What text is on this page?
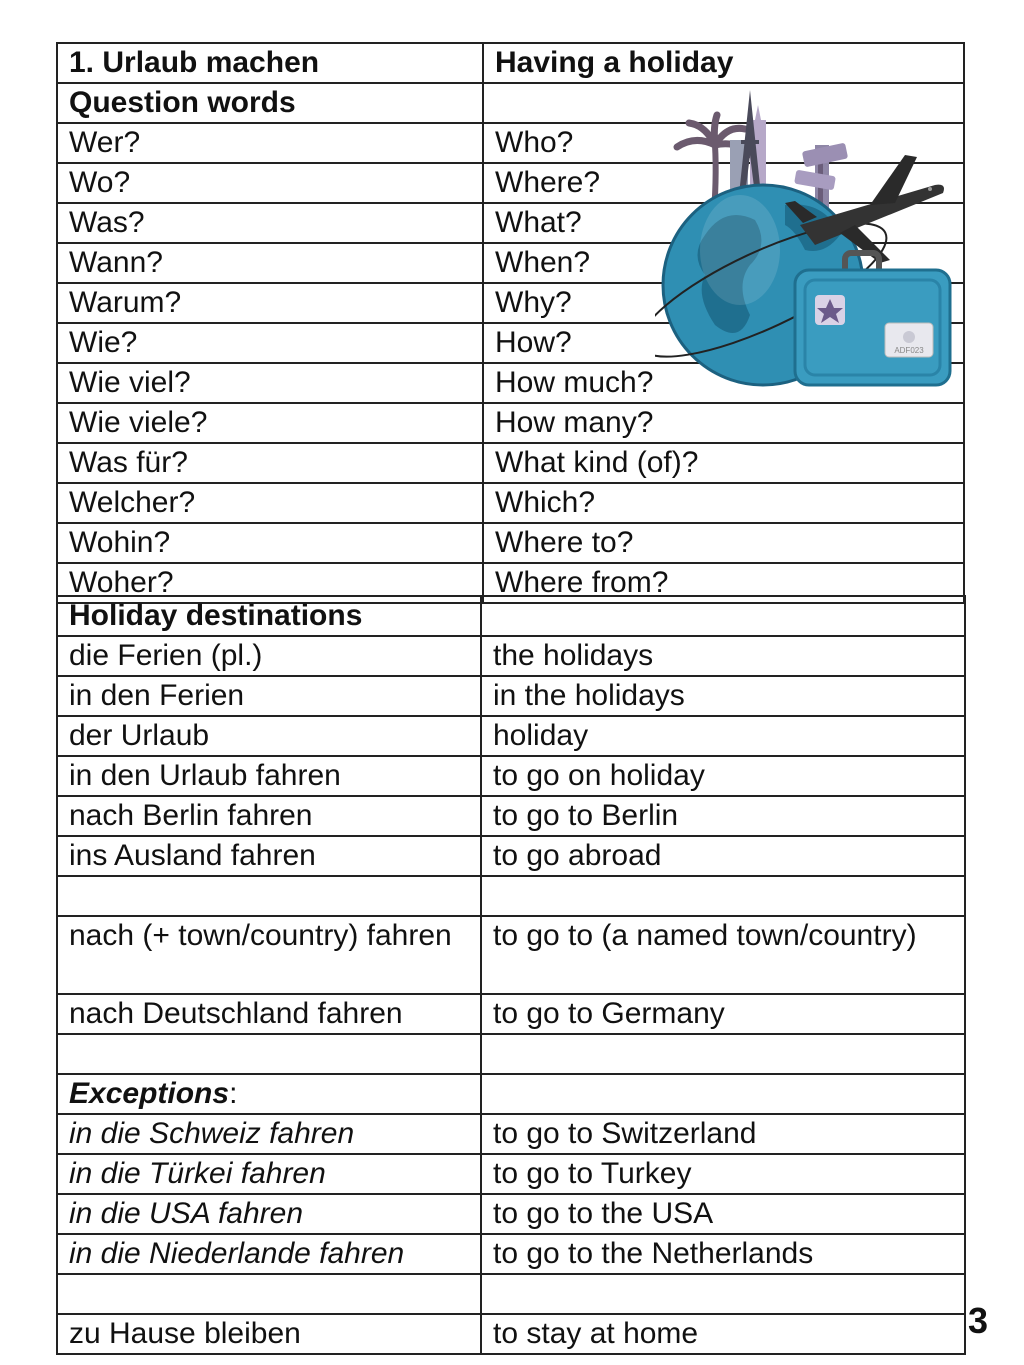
1. Urlaub machen	Having a holiday
Question words	
Wer?	Who?
Wo?	Where?
Was?	What?
Wann?	When?
Warum?	Why?
Wie?	How?
Wie viel?	How much?
Wie viele?	How many?
Was für?	What kind (of)?
Welcher?	Which?
Wohin?	Where to?
Woher?	Where from?
ADF023
Holiday destinations	
die Ferien (pl.)	the holidays
in den Ferien	in the holidays
der Urlaub	holiday
in den Urlaub fahren	to go on holiday
nach Berlin fahren	to go to Berlin
ins Ausland fahren	to go abroad

nach (+ town/country) fahren	to go to (a named town/country)
nach Deutschland fahren	to go to Germany

Exceptions:	
in die Schweiz fahren	to go to Switzerland
in die Türkei fahren	to go to Turkey
in die USA fahren	to go to the USA
in die Niederlande fahren	to go to the Netherlands

zu Hause bleiben	to stay at home	3
